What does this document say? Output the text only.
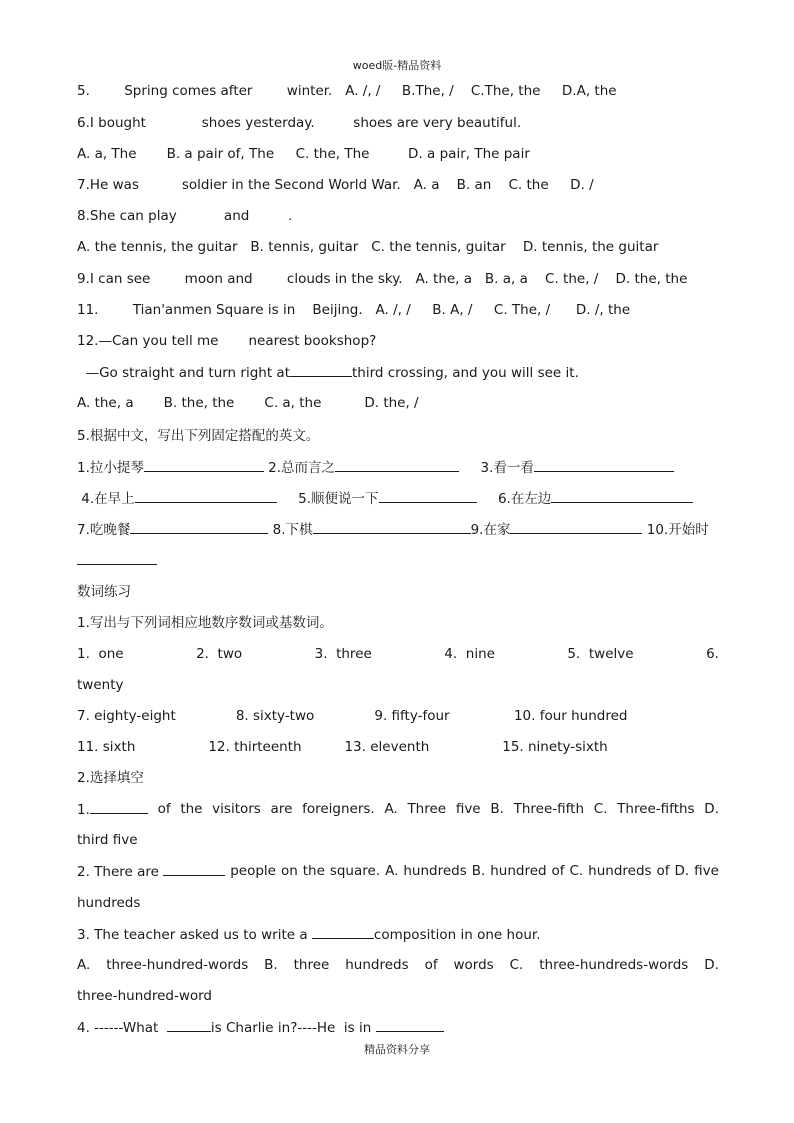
woed版-精品资料
5.        Spring comes after        winter.   A. /, /     B.The, /    C.The, the     D.A, the
6.I bought             shoes yesterday.         shoes are very beautiful.
A. a, The       B. a pair of, The     C. the, The         D. a pair, The pair
7.He was          soldier in the Second World War.   A. a    B. an    C. the     D. /
8.She can play           and         .
A. the tennis, the guitar   B. tennis, guitar   C. the tennis, guitar    D. tennis, the guitar
9.I can see        moon and        clouds in the sky.   A. the, a   B. a, a    C. the, /    D. the, the
11.        Tian'anmen Square is in    Beijing.   A. /, /     B. A, /     C. The, /      D. /, the
12.—Can you tell me       nearest bookshop?
—Go straight and turn right at	third crossing, and you will see it.
A. the, a       B. the, the       C. a, the          D. the, /
5.根据中文，写出下列固定搭配的英文。
1.拉小提琴	2.总而言之	3.看一看
4.在早上	5.顺便说一下	6.在左边
7.吃晚餐	8.下棋	9.在家	10.开始时
数词练习
1.写出与下列词相应地数序数词或基数词。
1.  one	2.  two	3.  three	4.  nine	5.  twelve	6.
twenty
7. eighty-eight              8. sixty-two              9. fifty-four               10. four hundred
11. sixth                 12. thirteenth          13. eleventh                 15. ninety-sixth
2.选择填空
1.	of the visitors are foreigners. A. Three five B. Three-fifth C. Three-fifths D.
third five
2. There are	people on the square. A. hundreds B. hundred of C. hundreds of D. five
hundreds
3. The teacher asked us to write a	composition in one hour.
A. three-hundred-words B. three hundreds of words C. three-hundreds-words D.
three-hundred-word
4. ------What	is Charlie in?----He  is in
精品资料分享
